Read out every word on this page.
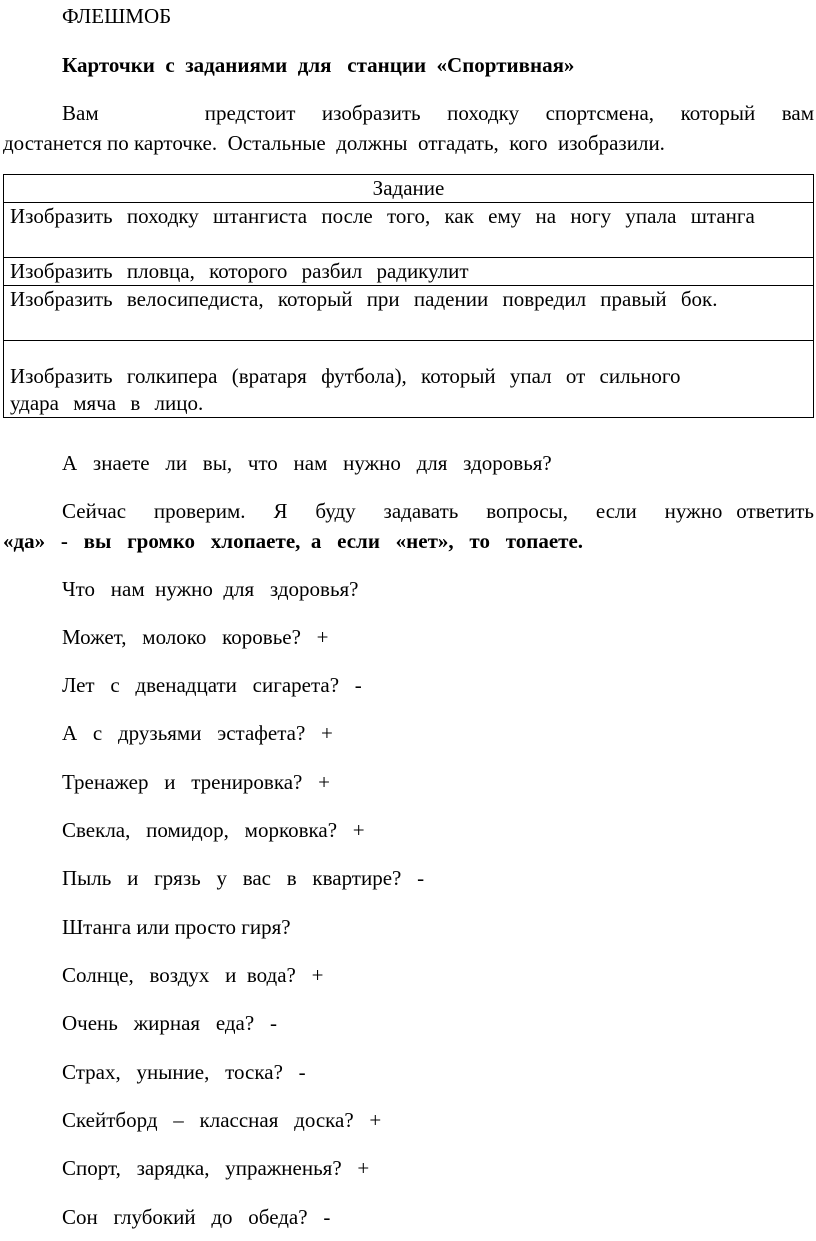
ФЛЕШМОБ
Карточки  с  заданиями  для   станции  «Спортивная»
Вам        предстоит  изобразить  походку  спортсмена,  который  вам
достанется по карточке.  Остальные  должны  отгадать,  кого  изобразили.
Задание
Изобразить походку штангиста после того, как ему на ногу упала штанга
Изобразить пловца, которого разбил радикулит
Изобразить велосипедиста, который при падении повредил правый бок.
Изобразить голкипера (вратаря футбола), который упал от сильного удара мяча в лицо.
А   знаете   ли   вы,   что   нам   нужно   для   здоровья?
Сейчас  проверим.  Я  буду  задавать  вопросы,  если  нужно ответить
«да»   -   вы   громко   хлопаете,  а   если   «нет»,   то   топаете.
Что   нам  нужно  для   здоровья?
Может,   молоко   коровье?   +
Лет   с   двенадцати   сигарета?   -
А   с   друзьями   эстафета?   +
Тренажер   и   тренировка?   +
Свекла,   помидор,   морковка?   +
Пыль   и   грязь   у   вас   в   квартире?   -
Штанга или просто гиря?
Солнце,   воздух   и  вода?   +
Очень   жирная   еда?   -
Страх,   уныние,   тоска?   -
Скейтборд   –   классная   доска?   +
Спорт,   зарядка,   упражненья?   +
Сон   глубокий   до   обеда?   -
